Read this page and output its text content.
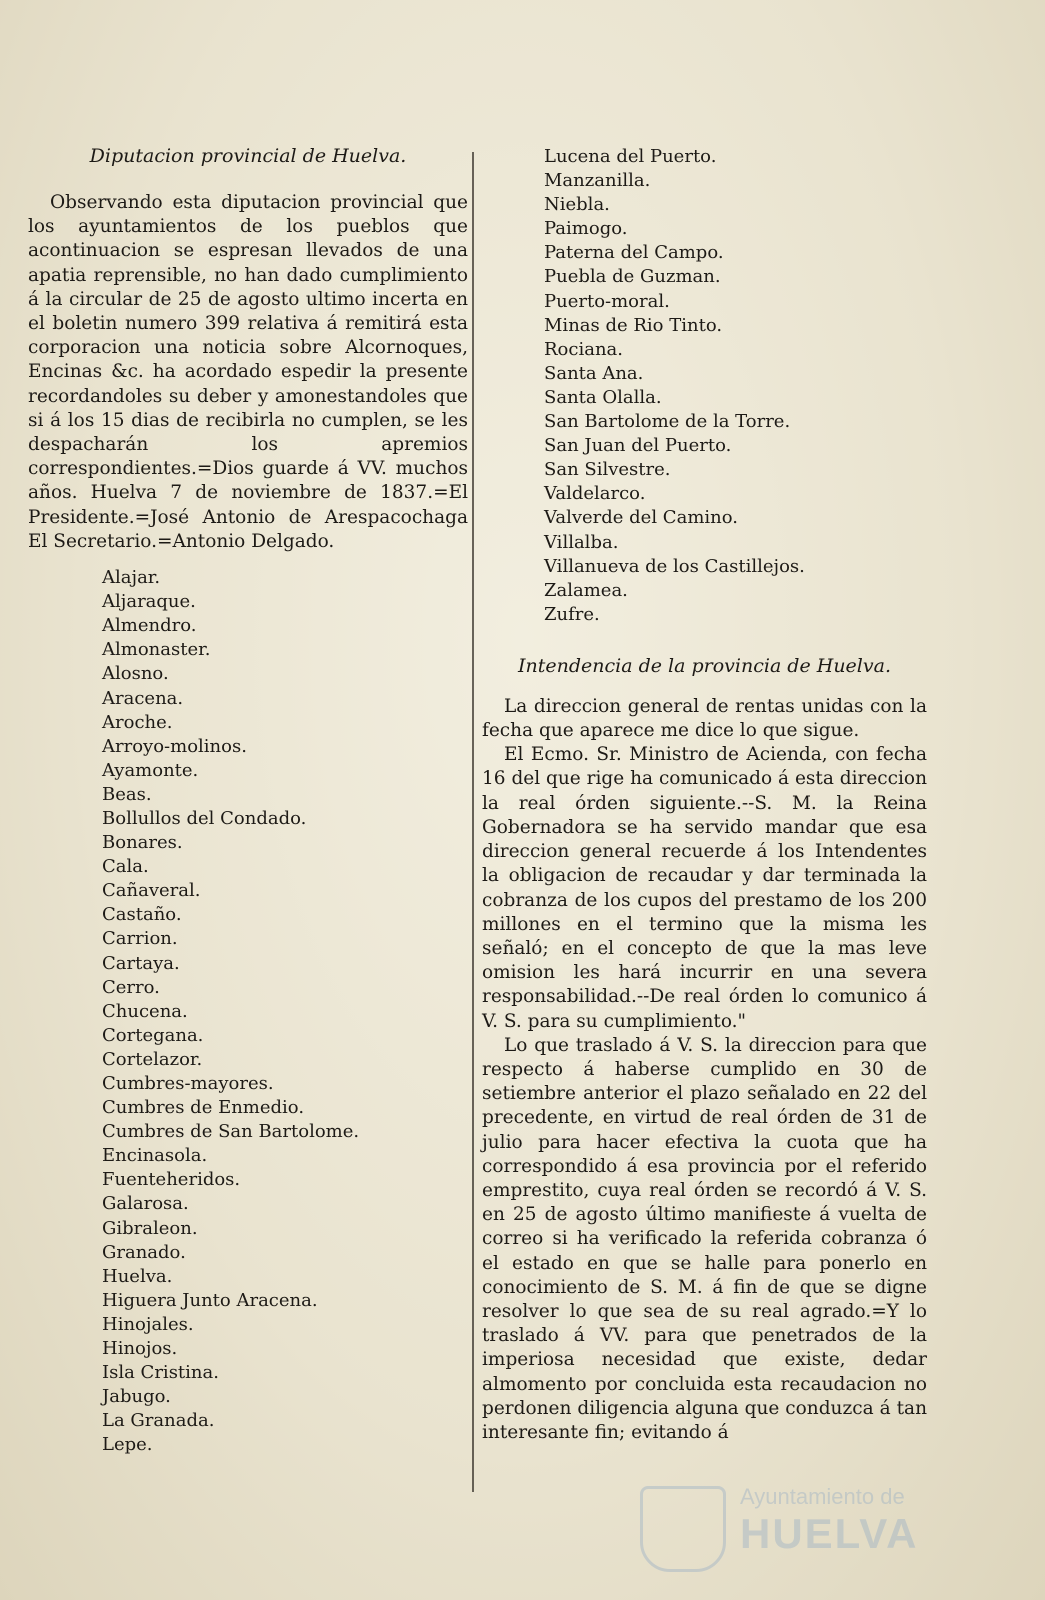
Diputacion provincial de Huelva.

Observando esta diputacion provincial que los ayuntamientos de los pueblos que acontinuacion se espresan llevados de una apatia reprensible, no han dado cumplimiento á la circular de 25 de agosto ultimo incerta en el boletin numero 399 relativa á remitirá esta corporacion una noticia sobre Alcornoques, Encinas &c. ha acordado espedir la presente recordandoles su deber y amonestandoles que si á los 15 dias de recibirla no cumplen, se les despacharán los apremios correspondientes.=Dios guarde á VV. muchos años. Huelva 7 de noviembre de 1837.=El Presidente.=José Antonio de Arespacochaga El Secretario.=Antonio Delgado.

Alajar.
Aljaraque.
Almendro.
Almonaster.
Alosno.
Aracena.
Aroche.
Arroyo-molinos.
Ayamonte.
Beas.
Bollullos del Condado.
Bonares.
Cala.
Cañaveral.
Castaño.
Carrion.
Cartaya.
Cerro.
Chucena.
Cortegana.
Cortelazor.
Cumbres-mayores.
Cumbres de Enmedio.
Cumbres de San Bartolome.
Encinasola.
Fuenteheridos.
Galarosa.
Gibraleon.
Granado.
Huelva.
Higuera Junto Aracena.
Hinojales.
Hinojos.
Isla Cristina.
Jabugo.
La Granada.
Lepe.
Lucena del Puerto.
Manzanilla.
Niebla.
Paimogo.
Paterna del Campo.
Puebla de Guzman.
Puerto-moral.
Minas de Rio Tinto.
Rociana.
Santa Ana.
Santa Olalla.
San Bartolome de la Torre.
San Juan del Puerto.
San Silvestre.
Valdelarco.
Valverde del Camino.
Villalba.
Villanueva de los Castillejos.
Zalamea.
Zufre.
Intendencia de la provincia de Huelva.

La direccion general de rentas unidas con la fecha que aparece me dice lo que sigue.

El Ecmo. Sr. Ministro de Acienda, con fecha 16 del que rige ha comunicado á esta direccion la real órden siguiente.--S. M. la Reina Gobernadora se ha servido mandar que esa direccion general recuerde á los Intendentes la obligacion de recaudar y dar terminada la cobranza de los cupos del prestamo de los 200 millones en el termino que la misma les señaló; en el concepto de que la mas leve omision les hará incurrir en una severa responsabilidad.--De real órden lo comunico á V. S. para su cumplimiento."

Lo que traslado á V. S. la direccion para que respecto á haberse cumplido en 30 de setiembre anterior el plazo señalado en 22 del precedente, en virtud de real órden de 31 de julio para hacer efectiva la cuota que ha correspondido á esa provincia por el referido emprestito, cuya real órden se recordó á V. S. en 25 de agosto último manifieste á vuelta de correo si ha verificado la referida cobranza ó el estado en que se halle para ponerlo en conocimiento de S. M. á fin de que se digne resolver lo que sea de su real agrado.=Y lo traslado á VV. para que penetrados de la imperiosa necesidad que existe, dedar almomento por concluida esta recaudacion no perdonen diligencia alguna que conduzca á tan interesante fin; evitando á

Ayuntamiento de
HUELVA
